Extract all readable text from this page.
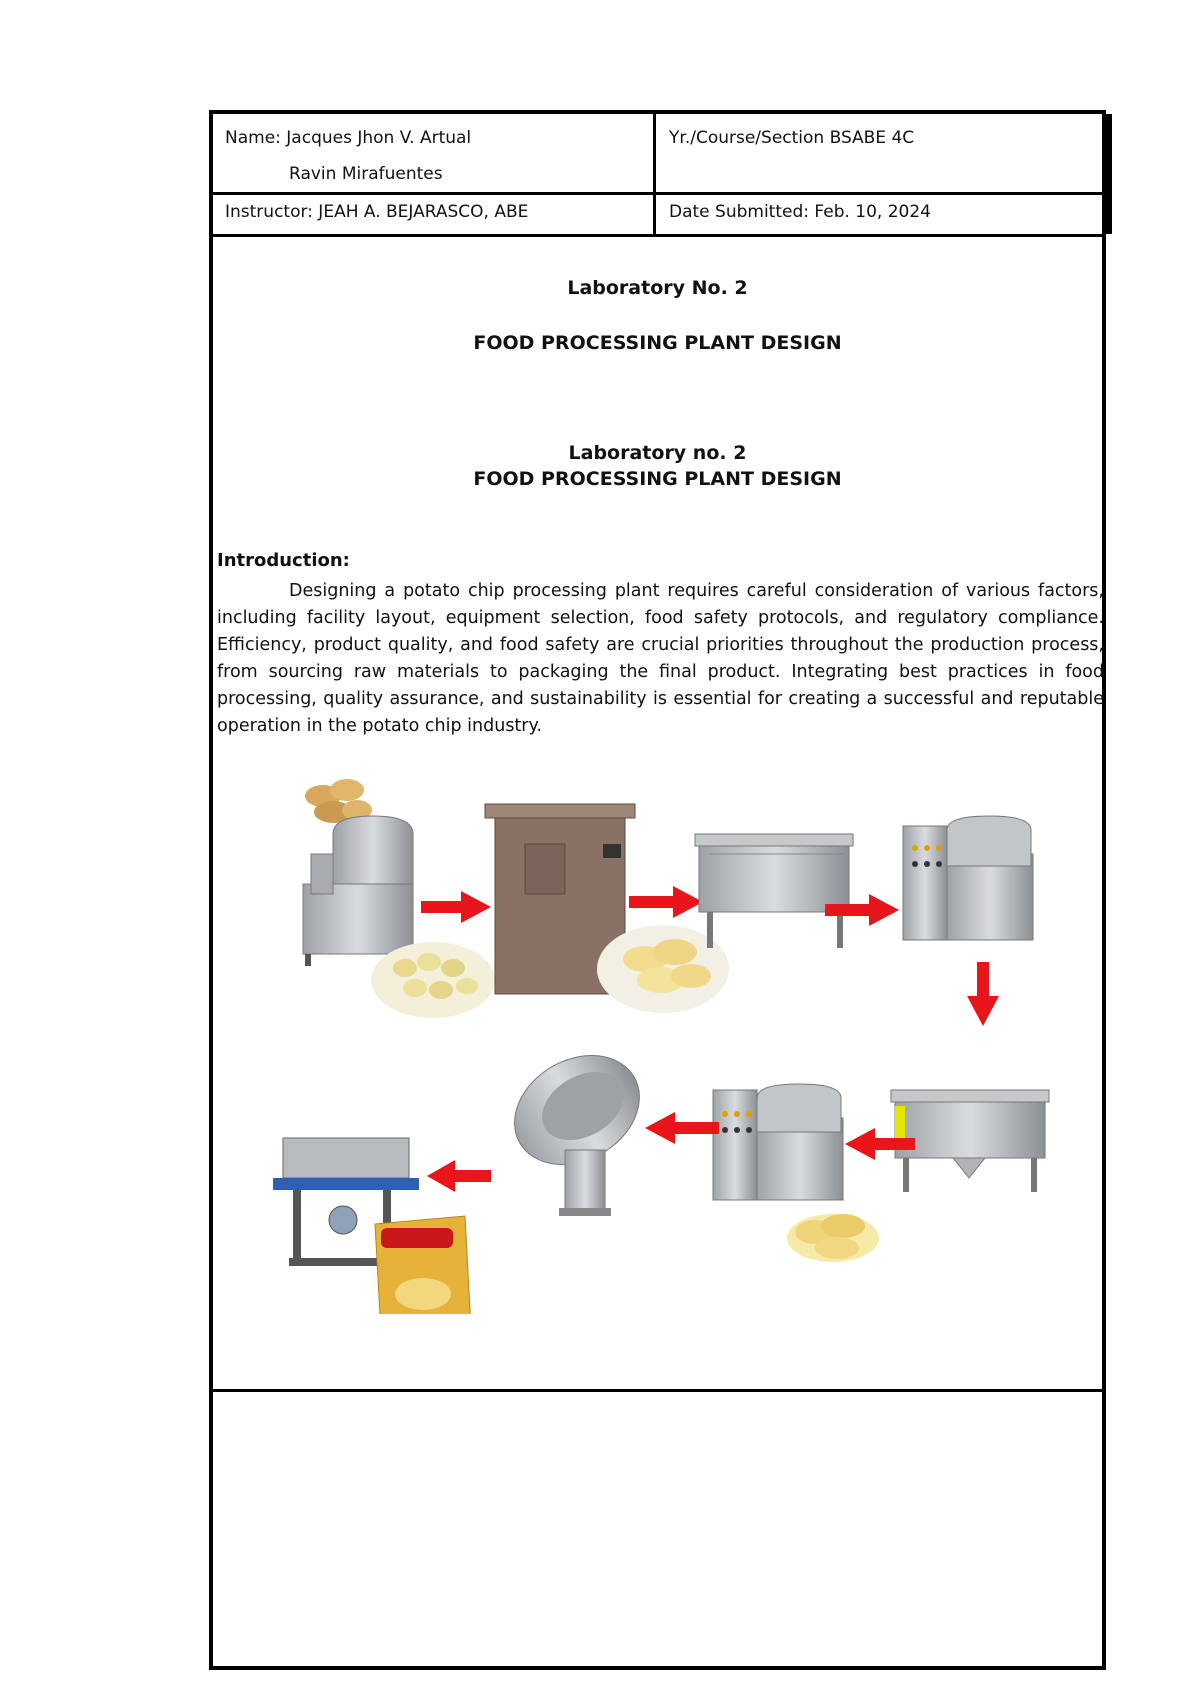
Name: Jacques Jhon V. Artual
Ravin Mirafuentes
Yr./Course/Section BSABE 4C
Instructor: JEAH A. BEJARASCO, ABE	Date Submitted: Feb. 10, 2024
Laboratory No. 2
FOOD PROCESSING PLANT DESIGN
Laboratory no. 2
FOOD PROCESSING PLANT DESIGN
Introduction:

Designing a potato chip processing plant requires careful consideration of various factors, including facility layout, equipment selection, food safety protocols, and regulatory compliance. Efficiency, product quality, and food safety are crucial priorities throughout the production process, from sourcing raw materials to packaging the final product. Integrating best practices in food processing, quality assurance, and sustainability is essential for creating a successful and reputable operation in the potato chip industry.
